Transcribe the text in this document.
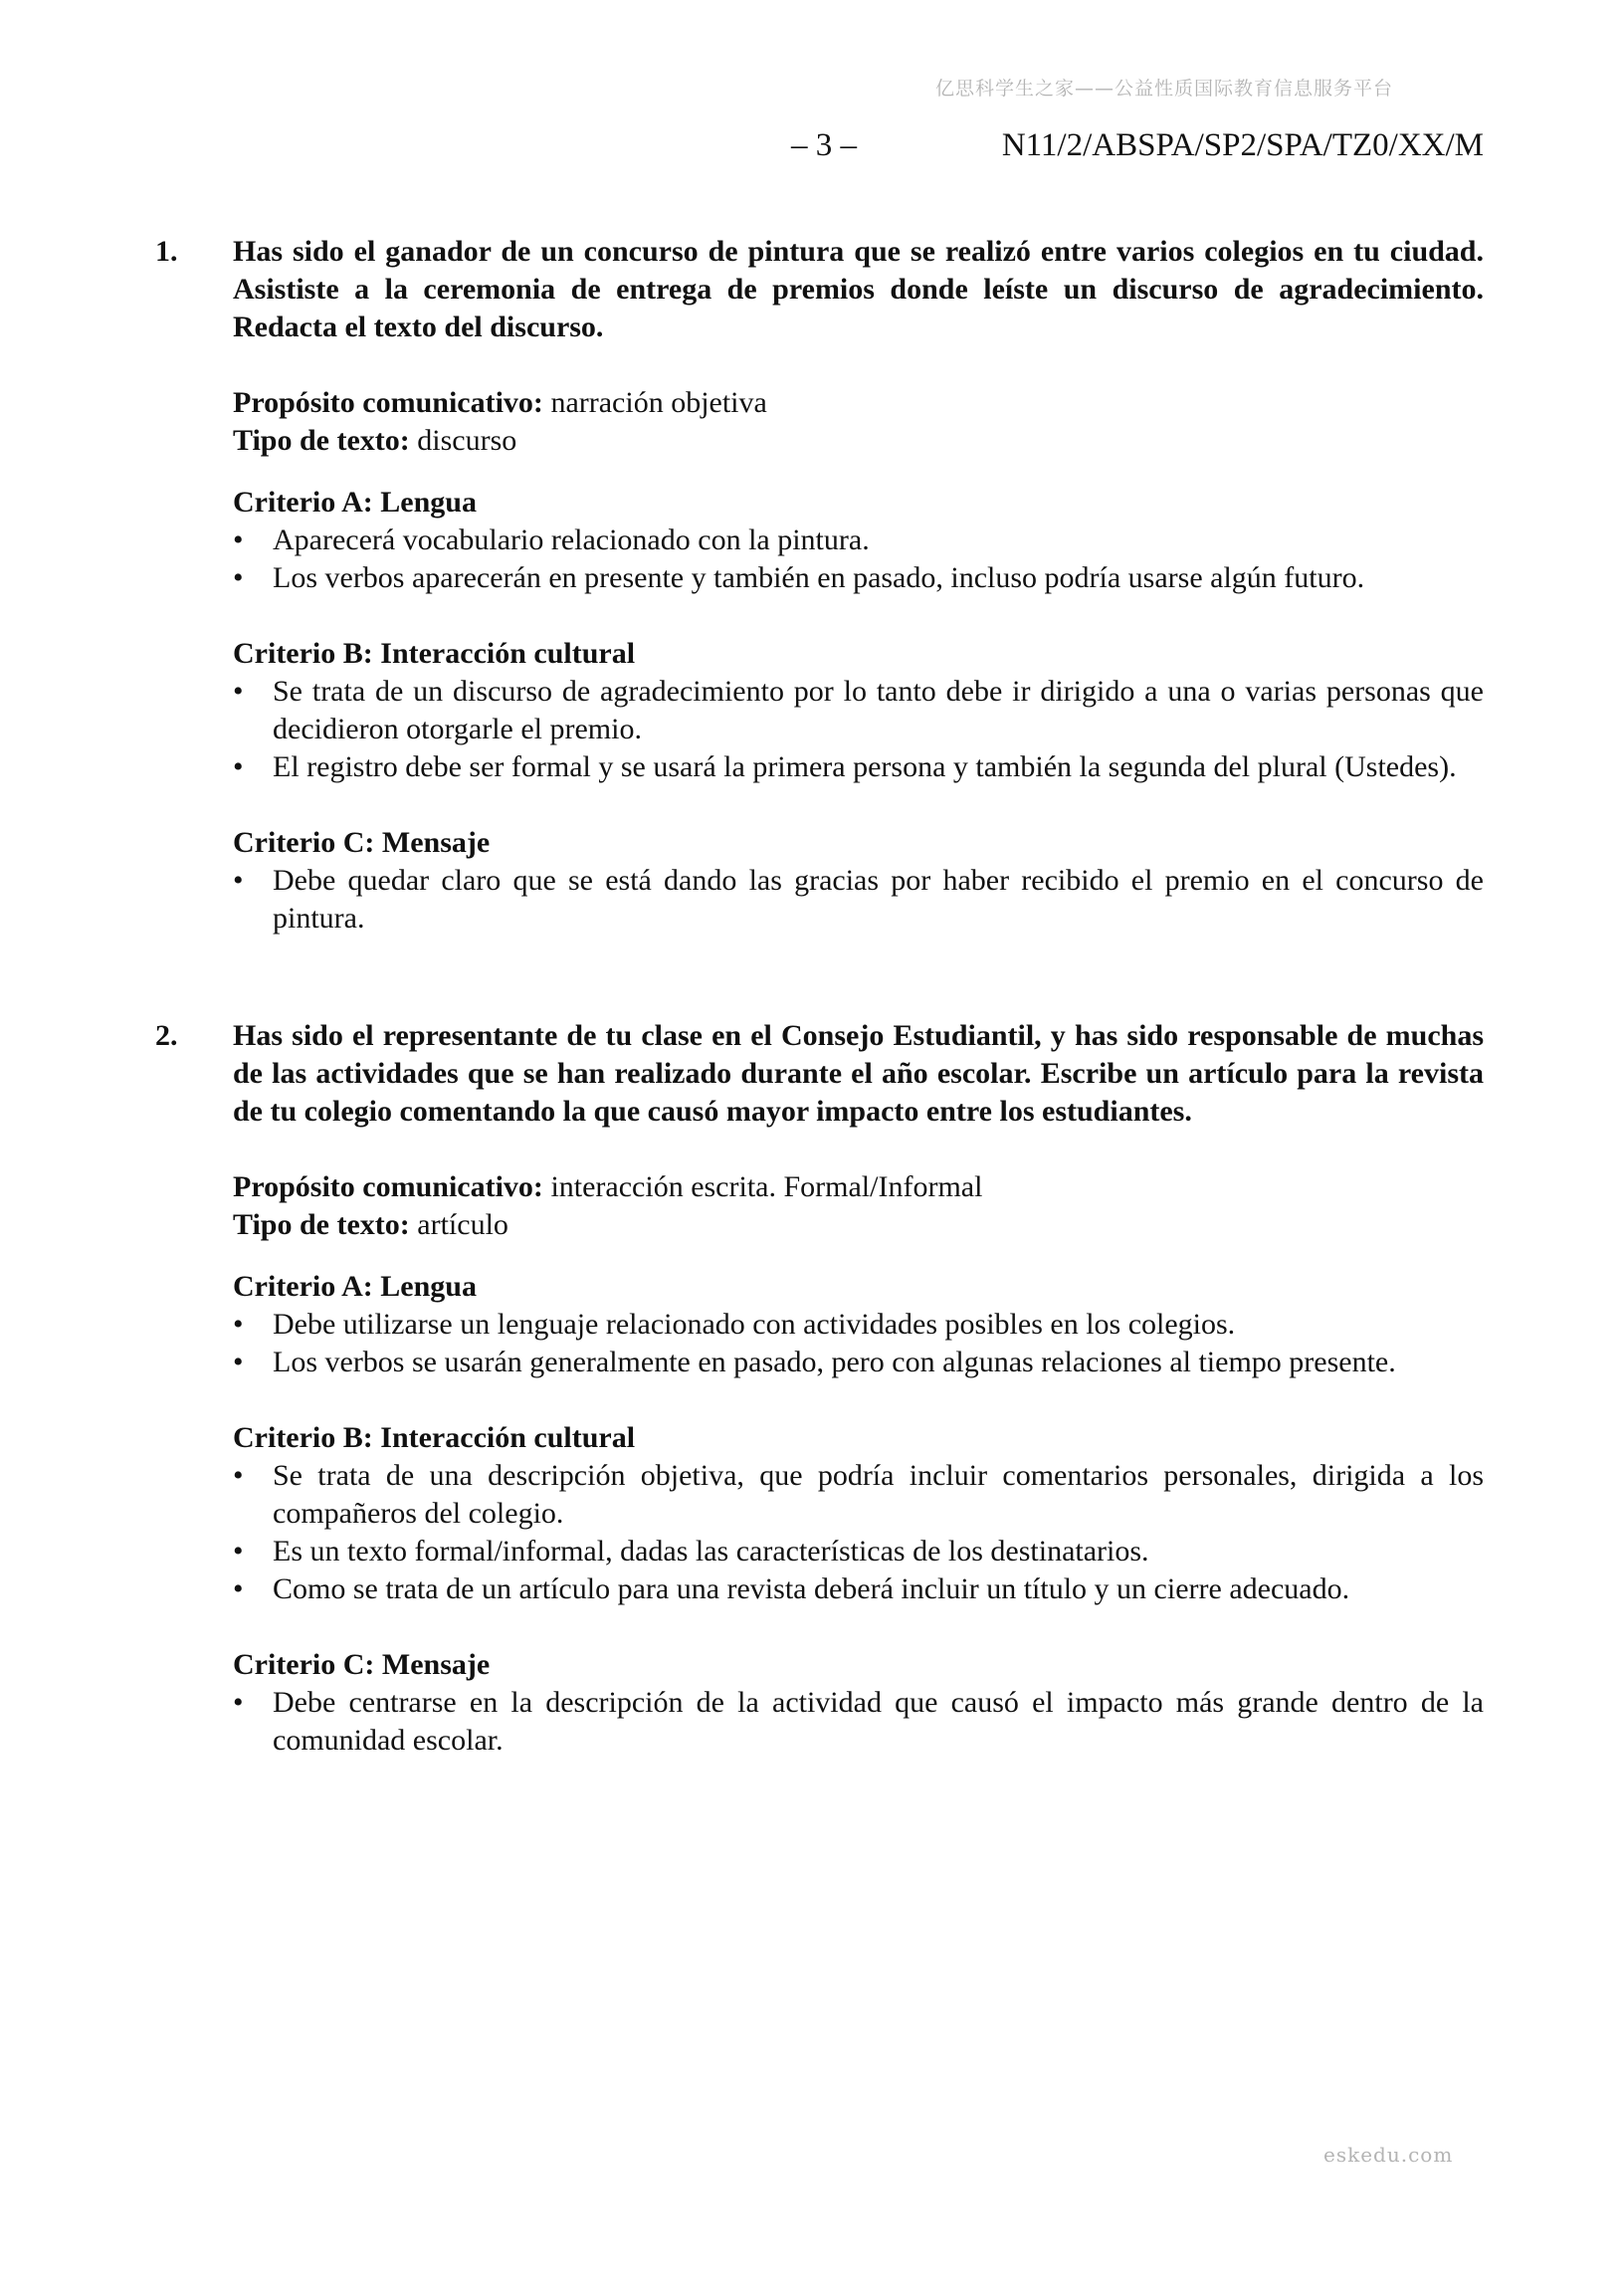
亿思科学生之家——公益性质国际教育信息服务平台
– 3 –	N11/2/ABSPA/SP2/SPA/TZ0/XX/M
1. Has sido el ganador de un concurso de pintura que se realizó entre varios colegios en tu ciudad. Asististe a la ceremonia de entrega de premios donde leíste un discurso de agradecimiento. Redacta el texto del discurso.

Propósito comunicativo: narración objetiva
Tipo de texto: discurso

Criterio A: Lengua

• Aparecerá vocabulario relacionado con la pintura.
• Los verbos aparecerán en presente y también en pasado, incluso podría usarse algún futuro.

Criterio B: Interacción cultural

• Se trata de un discurso de agradecimiento por lo tanto debe ir dirigido a una o varias personas que decidieron otorgarle el premio.
• El registro debe ser formal y se usará la primera persona y también la segunda del plural (Ustedes).

Criterio C: Mensaje

• Debe quedar claro que se está dando las gracias por haber recibido el premio en el concurso de pintura.
2. Has sido el representante de tu clase en el Consejo Estudiantil, y has sido responsable de muchas de las actividades que se han realizado durante el año escolar. Escribe un artículo para la revista de tu colegio comentando la que causó mayor impacto entre los estudiantes.

Propósito comunicativo: interacción escrita. Formal/Informal
Tipo de texto: artículo

Criterio A: Lengua

• Debe utilizarse un lenguaje relacionado con actividades posibles en los colegios.
• Los verbos se usarán generalmente en pasado, pero con algunas relaciones al tiempo presente.

Criterio B: Interacción cultural

• Se trata de una descripción objetiva, que podría incluir comentarios personales, dirigida a los compañeros del colegio.
• Es un texto formal/informal, dadas las características de los destinatarios.
• Como se trata de un artículo para una revista deberá incluir un título y un cierre adecuado.

Criterio C: Mensaje

• Debe centrarse en la descripción de la actividad que causó el impacto más grande dentro de la comunidad escolar.
eskedu.com
